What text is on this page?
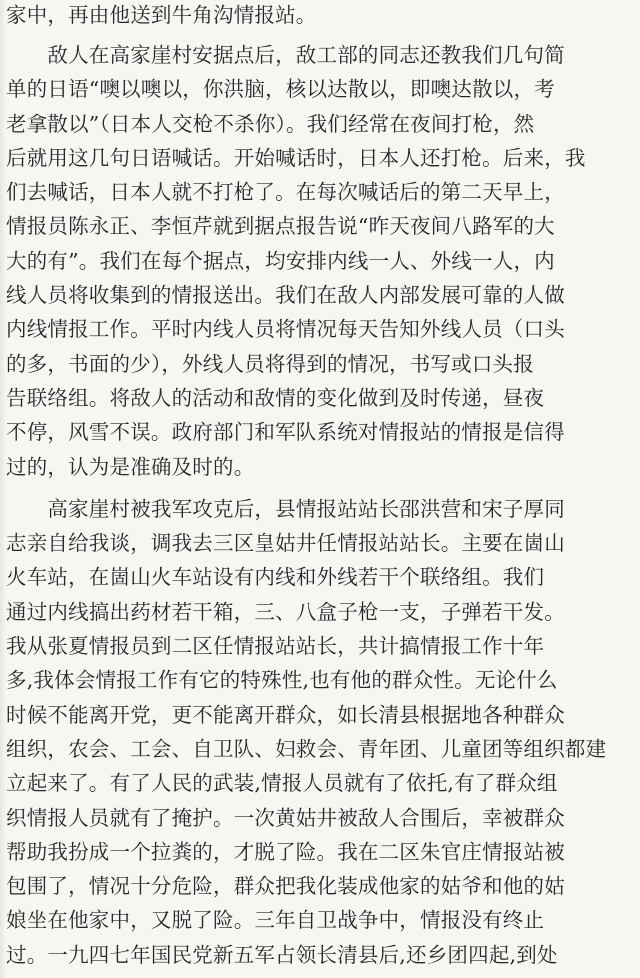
家中，再由他送到牛角沟情报站。
　　敌人在高家崖村安据点后，敌工部的同志还教我们几句简
单的日语“噢以噢以，你洪脑，核以达散以，即噢达散以，考
老拿散以”（日本人交枪不杀你）。我们经常在夜间打枪，然
后就用这几句日语喊话。开始喊话时，日本人还打枪。后来，我
们去喊话，日本人就不打枪了。在每次喊话后的第二天早上，
情报员陈永正、李恒芹就到据点报告说“昨天夜间八路军的大
大的有”。我们在每个据点，均安排内线一人、外线一人，内
线人员将收集到的情报送出。我们在敌人内部发展可靠的人做
内线情报工作。平时内线人员将情况每天告知外线人员（口头
的多，书面的少），外线人员将得到的情况，书写或口头报
告联络组。将敌人的活动和敌情的变化做到及时传递，昼夜
不停，风雪不误。政府部门和军队系统对情报站的情报是信得
过的，认为是准确及时的。
　　高家崖村被我军攻克后，县情报站站长邵洪营和宋子厚同
志亲自给我谈，调我去三区皇姑井任情报站站长。主要在崮山
火车站，在崮山火车站设有内线和外线若干个联络组。我们
通过内线搞出药材若干箱，三、八盒子枪一支，子弹若干发。
我从张夏情报员到二区任情报站站长，共计搞情报工作十年
多,我体会情报工作有它的特殊性,也有他的群众性。无论什么
时候不能离开党，更不能离开群众，如长清县根据地各种群众
组织，农会、工会、自卫队、妇救会、青年团、儿童团等组织都建
立起来了。有了人民的武装,情报人员就有了依托,有了群众组
织情报人员就有了掩护。一次黄姑井被敌人合围后，幸被群众
帮助我扮成一个拉粪的，才脱了险。我在二区朱官庄情报站被
包围了，情况十分危险，群众把我化装成他家的姑爷和他的姑
娘坐在他家中，又脱了险。三年自卫战争中，情报没有终止
过。一九四七年国民党新五军占领长清县后,还乡团四起,到处
